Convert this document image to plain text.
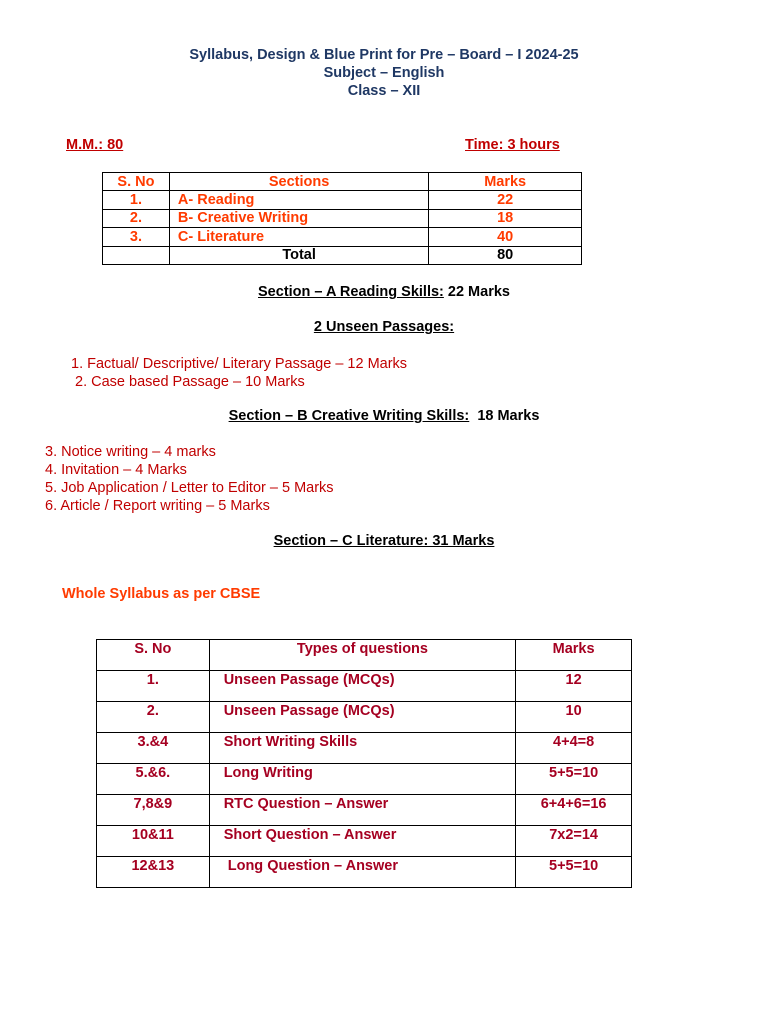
Syllabus, Design & Blue Print for Pre – Board – I 2024-25
Subject – English
Class – XII
M.M.: 80	Time: 3 hours
S. No	Sections	Marks
1.	A- Reading	22
2.	B- Creative Writing	18
3.	C- Literature	40
	Total	80
Section – A Reading Skills: 22 Marks
2 Unseen Passages:
1. Factual/ Descriptive/ Literary Passage – 12 Marks
2. Case based Passage – 10 Marks
Section – B Creative Writing Skills:  18 Marks
3. Notice writing – 4 marks
4. Invitation – 4 Marks
5. Job Application / Letter to Editor – 5 Marks
6. Article / Report writing – 5 Marks
Section – C Literature: 31 Marks
Whole Syllabus as per CBSE
S. No	Types of questions	Marks
1.	Unseen Passage (MCQs)	12
2.	Unseen Passage (MCQs)	10
3.&4	Short Writing Skills	4+4=8
5.&6.	Long Writing	5+5=10
7,8&9	RTC Question – Answer	6+4+6=16
10&11	Short Question – Answer	7x2=14
12&13	Long Question – Answer	5+5=10
